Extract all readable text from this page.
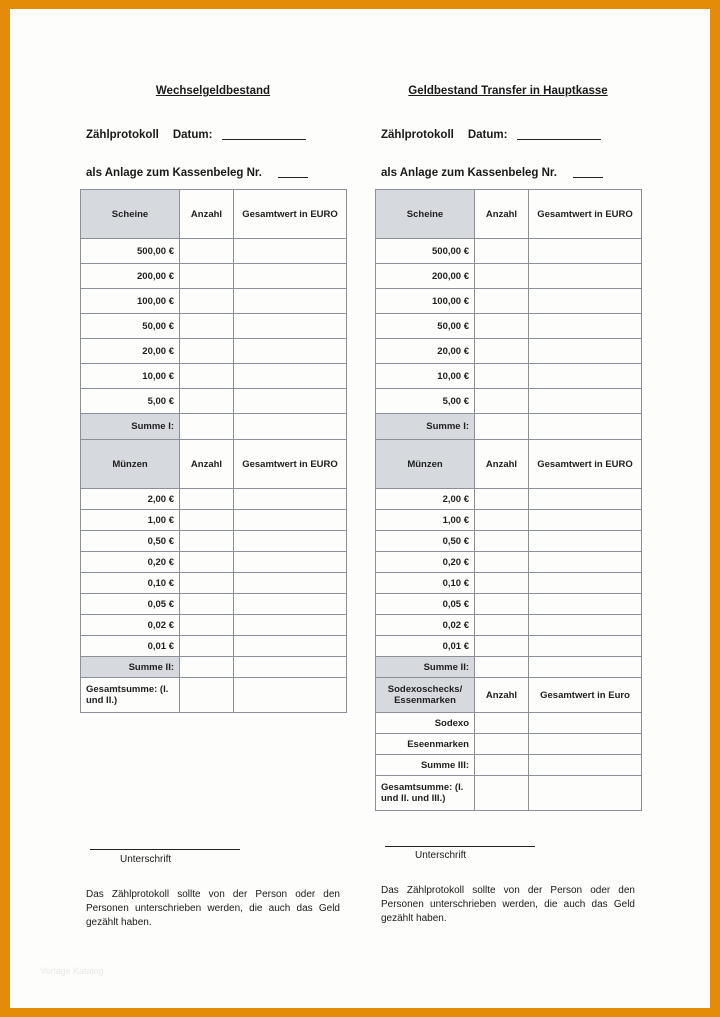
Wechselgeldbestand
Zählprotokoll Datum:
als Anlage zum Kassenbeleg Nr.
Scheine	Anzahl	Gesamtwert in EURO
500,00 €		
200,00 €		
100,00 €		
50,00 €		
20,00 €		
10,00 €		
5,00 €		
Summe I:		
Münzen	Anzahl	Gesamtwert in EURO
2,00 €		
1,00 €		
0,50 €		
0,20 €		
0,10 €		
0,05 €		
0,02 €		
0,01 €		
Summe II:		
Gesamtsumme: (I. und II.)		
Unterschrift
Das Zählprotokoll sollte von der Person oder den Personen unterschrieben werden, die auch das Geld gezählt haben.
Geldbestand Transfer in Hauptkasse
Zählprotokoll Datum:
als Anlage zum Kassenbeleg Nr.
Scheine	Anzahl	Gesamtwert in EURO
500,00 €		
200,00 €		
100,00 €		
50,00 €		
20,00 €		
10,00 €		
5,00 €		
Summe I:		
Münzen	Anzahl	Gesamtwert in EURO
2,00 €		
1,00 €		
0,50 €		
0,20 €		
0,10 €		
0,05 €		
0,02 €		
0,01 €		
Summe II:		
Sodexoschecks/ Essenmarken	Anzahl	Gesamtwert in Euro
Sodexo		
Eseenmarken		
Summe III:		
Gesamtsumme: (I. und II. und III.)		
Unterschrift
Das Zählprotokoll sollte von der Person oder den Personen unterschrieben werden, die auch das Geld gezählt haben.
Vorlage Katalog
